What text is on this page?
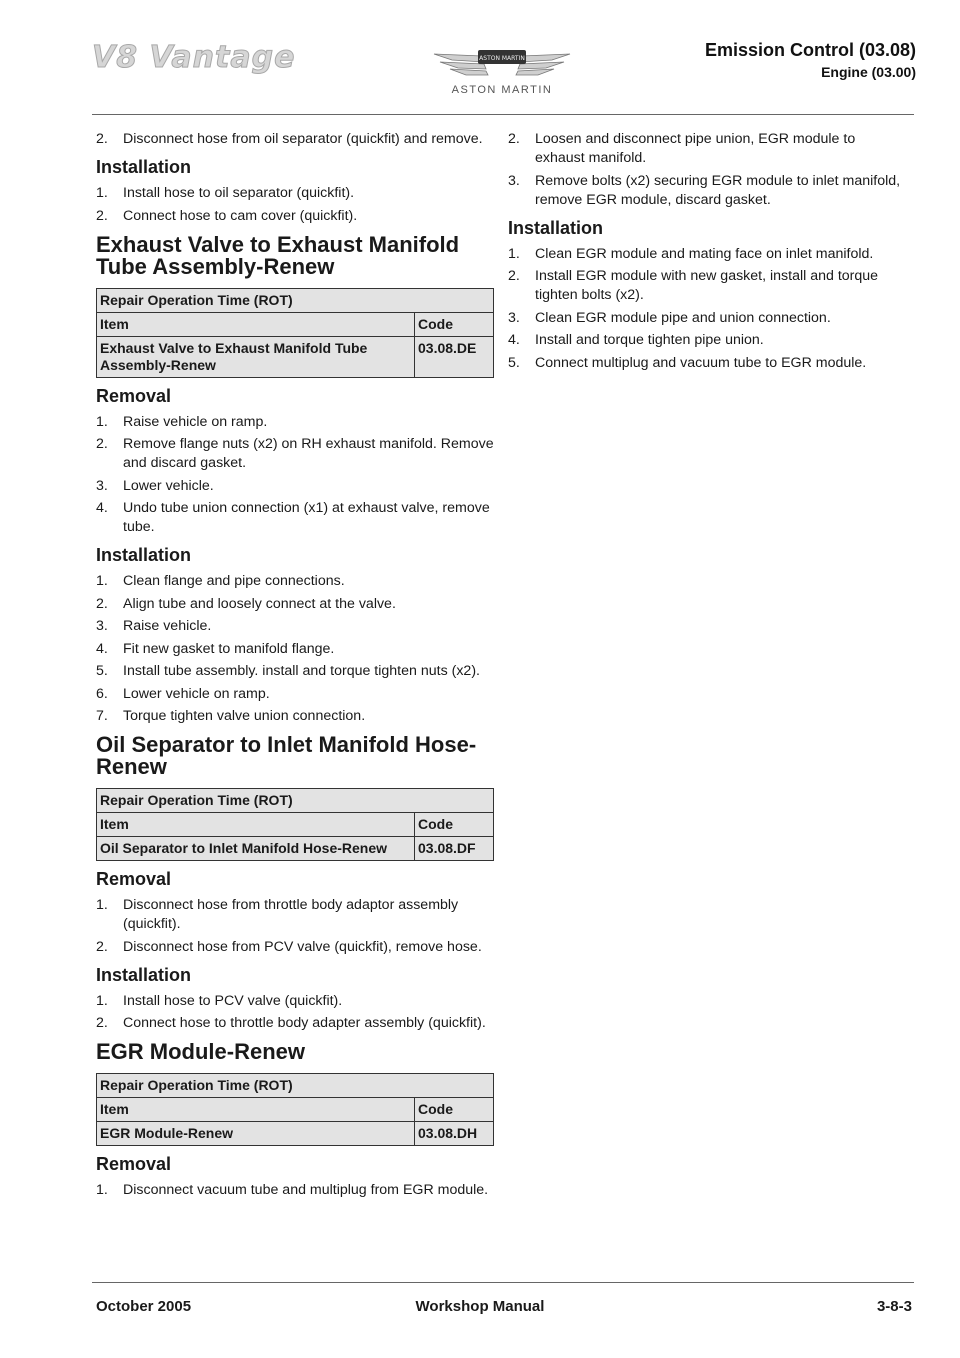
V8 Vantage	ASTON MARTIN
ASTON MARTIN
Emission Control (03.08)
Engine (03.00)
2. Disconnect hose from oil separator (quickfit) and remove.
Installation
1. Install hose to oil separator (quickfit).
2. Connect hose to cam cover (quickfit).
Exhaust Valve to Exhaust Manifold Tube Assembly-Renew
Repair Operation Time (ROT)	
Item	Code
Exhaust Valve to Exhaust Manifold Tube Assembly-Renew	03.08.DE
Removal
1. Raise vehicle on ramp.
2. Remove flange nuts (x2) on RH exhaust manifold. Remove and discard gasket.
3. Lower vehicle.
4. Undo tube union connection (x1) at exhaust valve, remove tube.
Installation
1. Clean flange and pipe connections.
2. Align tube and loosely connect at the valve.
3. Raise vehicle.
4. Fit new gasket to manifold flange.
5. Install tube assembly. install and torque tighten nuts (x2).
6. Lower vehicle on ramp.
7. Torque tighten valve union connection.
Oil Separator to Inlet Manifold Hose-Renew
Repair Operation Time (ROT)	
Item	Code
Oil Separator to Inlet Manifold Hose-Renew	03.08.DF
Removal
1. Disconnect hose from throttle body adaptor assembly (quickfit).
2. Disconnect hose from PCV valve (quickfit), remove hose.
Installation
1. Install hose to PCV valve (quickfit).
2. Connect hose to throttle body adapter assembly (quickfit).
EGR Module-Renew
Repair Operation Time (ROT)	
Item	Code
EGR Module-Renew	03.08.DH
Removal
1. Disconnect vacuum tube and multiplug from EGR module.
2. Loosen and disconnect pipe union, EGR module to exhaust manifold.
3. Remove bolts (x2) securing EGR module to inlet manifold, remove EGR module, discard gasket.
Installation
1. Clean EGR module and mating face on inlet manifold.
2. Install EGR module with new gasket, install and torque tighten bolts (x2).
3. Clean EGR module pipe and union connection.
4. Install and torque tighten pipe union.
5. Connect multiplug and vacuum tube to EGR module.
Workshop Manual
October 2005	3-8-3
